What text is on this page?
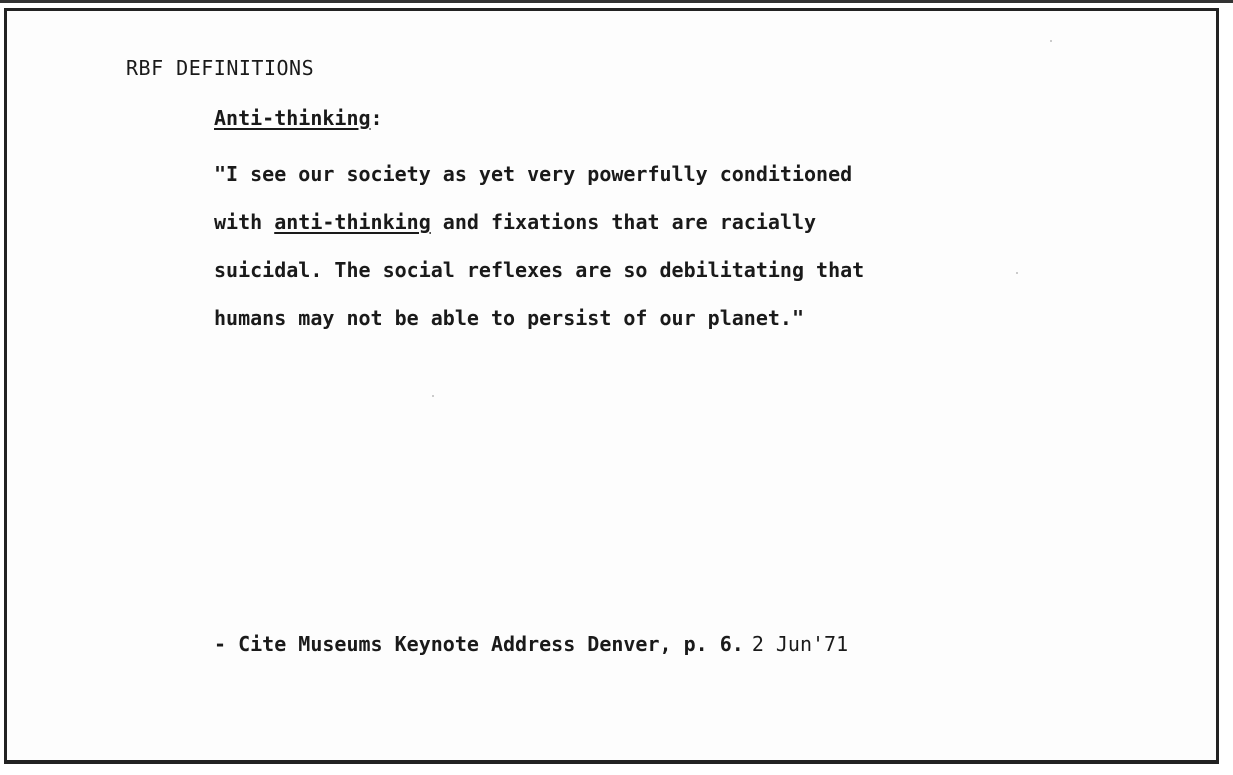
RBF DEFINITIONS
Anti-thinking:
"I see our society as yet very powerfully conditioned
with anti-thinking and fixations that are racially
suicidal. The social reflexes are so debilitating that
humans may not be able to persist of our planet."
- Cite Museums Keynote Address Denver, p. 6. 2 Jun'71
